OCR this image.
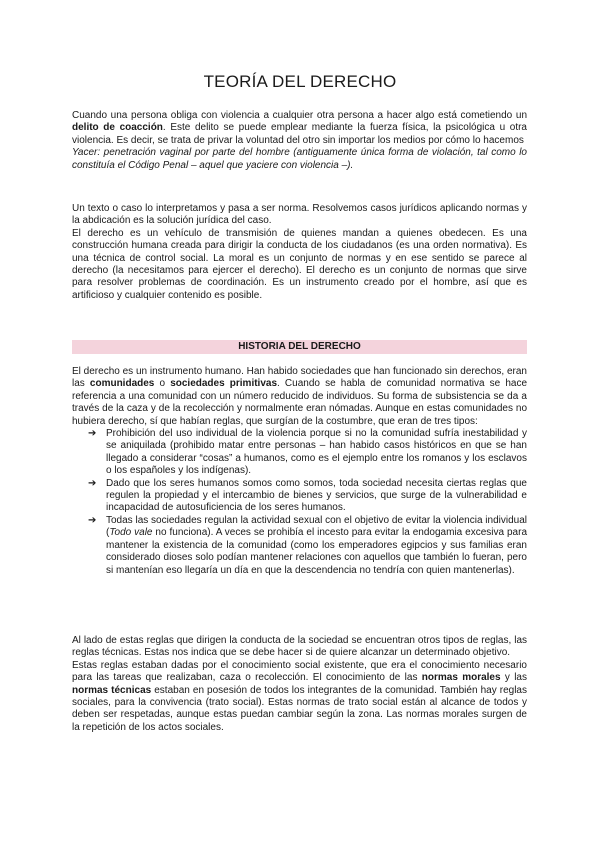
TEORÍA DEL DERECHO

Cuando una persona obliga con violencia a cualquier otra persona a hacer algo está cometiendo un delito de coacción. Este delito se puede emplear mediante la fuerza física, la psicológica u otra violencia. Es decir, se trata de privar la voluntad del otro sin importar los medios por cómo lo hacemos

Yacer: penetración vaginal por parte del hombre (antiguamente única forma de violación, tal como lo constituía el Código Penal – aquel que yaciere con violencia –).

Un texto o caso lo interpretamos y pasa a ser norma. Resolvemos casos jurídicos aplicando normas y la abdicación es la solución jurídica del caso.

El derecho es un vehículo de transmisión de quienes mandan a quienes obedecen. Es una construcción humana creada para dirigir la conducta de los ciudadanos (es una orden normativa). Es una técnica de control social. La moral es un conjunto de normas y en ese sentido se parece al derecho (la necesitamos para ejercer el derecho). El derecho es un conjunto de normas que sirve para resolver problemas de coordinación. Es un instrumento creado por el hombre, así que es artificioso y cualquier contenido es posible.

HISTORIA DEL DERECHO

El derecho es un instrumento humano. Han habido sociedades que han funcionado sin derechos, eran las comunidades o sociedades primitivas. Cuando se habla de comunidad normativa se hace referencia a una comunidad con un número reducido de individuos. Su forma de subsistencia se da a través de la caza y de la recolección y normalmente eran nómadas. Aunque en estas comunidades no hubiera derecho, sí que habían reglas, que surgían de la costumbre, que eran de tres tipos:

➔ Prohibición del uso individual de la violencia porque si no la comunidad sufría inestabilidad y se aniquilada (prohibido matar entre personas – han habido casos históricos en que se han llegado a considerar “cosas” a humanos, como es el ejemplo entre los romanos y los esclavos o los españoles y los indígenas).
➔ Dado que los seres humanos somos como somos, toda sociedad necesita ciertas reglas que regulen la propiedad y el intercambio de bienes y servicios, que surge de la vulnerabilidad e incapacidad de autosuficiencia de los seres humanos.
➔ Todas las sociedades regulan la actividad sexual con el objetivo de evitar la violencia individual (Todo vale no funciona). A veces se prohibía el incesto para evitar la endogamia excesiva para mantener la existencia de la comunidad (como los emperadores egipcios y sus familias eran considerado dioses solo podían mantener relaciones con aquellos que también lo fueran, pero si mantenían eso llegaría un día en que la descendencia no tendría con quien mantenerlas).

Al lado de estas reglas que dirigen la conducta de la sociedad se encuentran otros tipos de reglas, las reglas técnicas. Estas nos indica que se debe hacer si de quiere alcanzar un determinado objetivo.

Estas reglas estaban dadas por el conocimiento social existente, que era el conocimiento necesario para las tareas que realizaban, caza o recolección. El conocimiento de las normas morales y las normas técnicas estaban en posesión de todos los integrantes de la comunidad. También hay reglas sociales, para la convivencia (trato social). Estas normas de trato social están al alcance de todos y deben ser respetadas, aunque estas puedan cambiar según la zona. Las normas morales surgen de la repetición de los actos sociales.
